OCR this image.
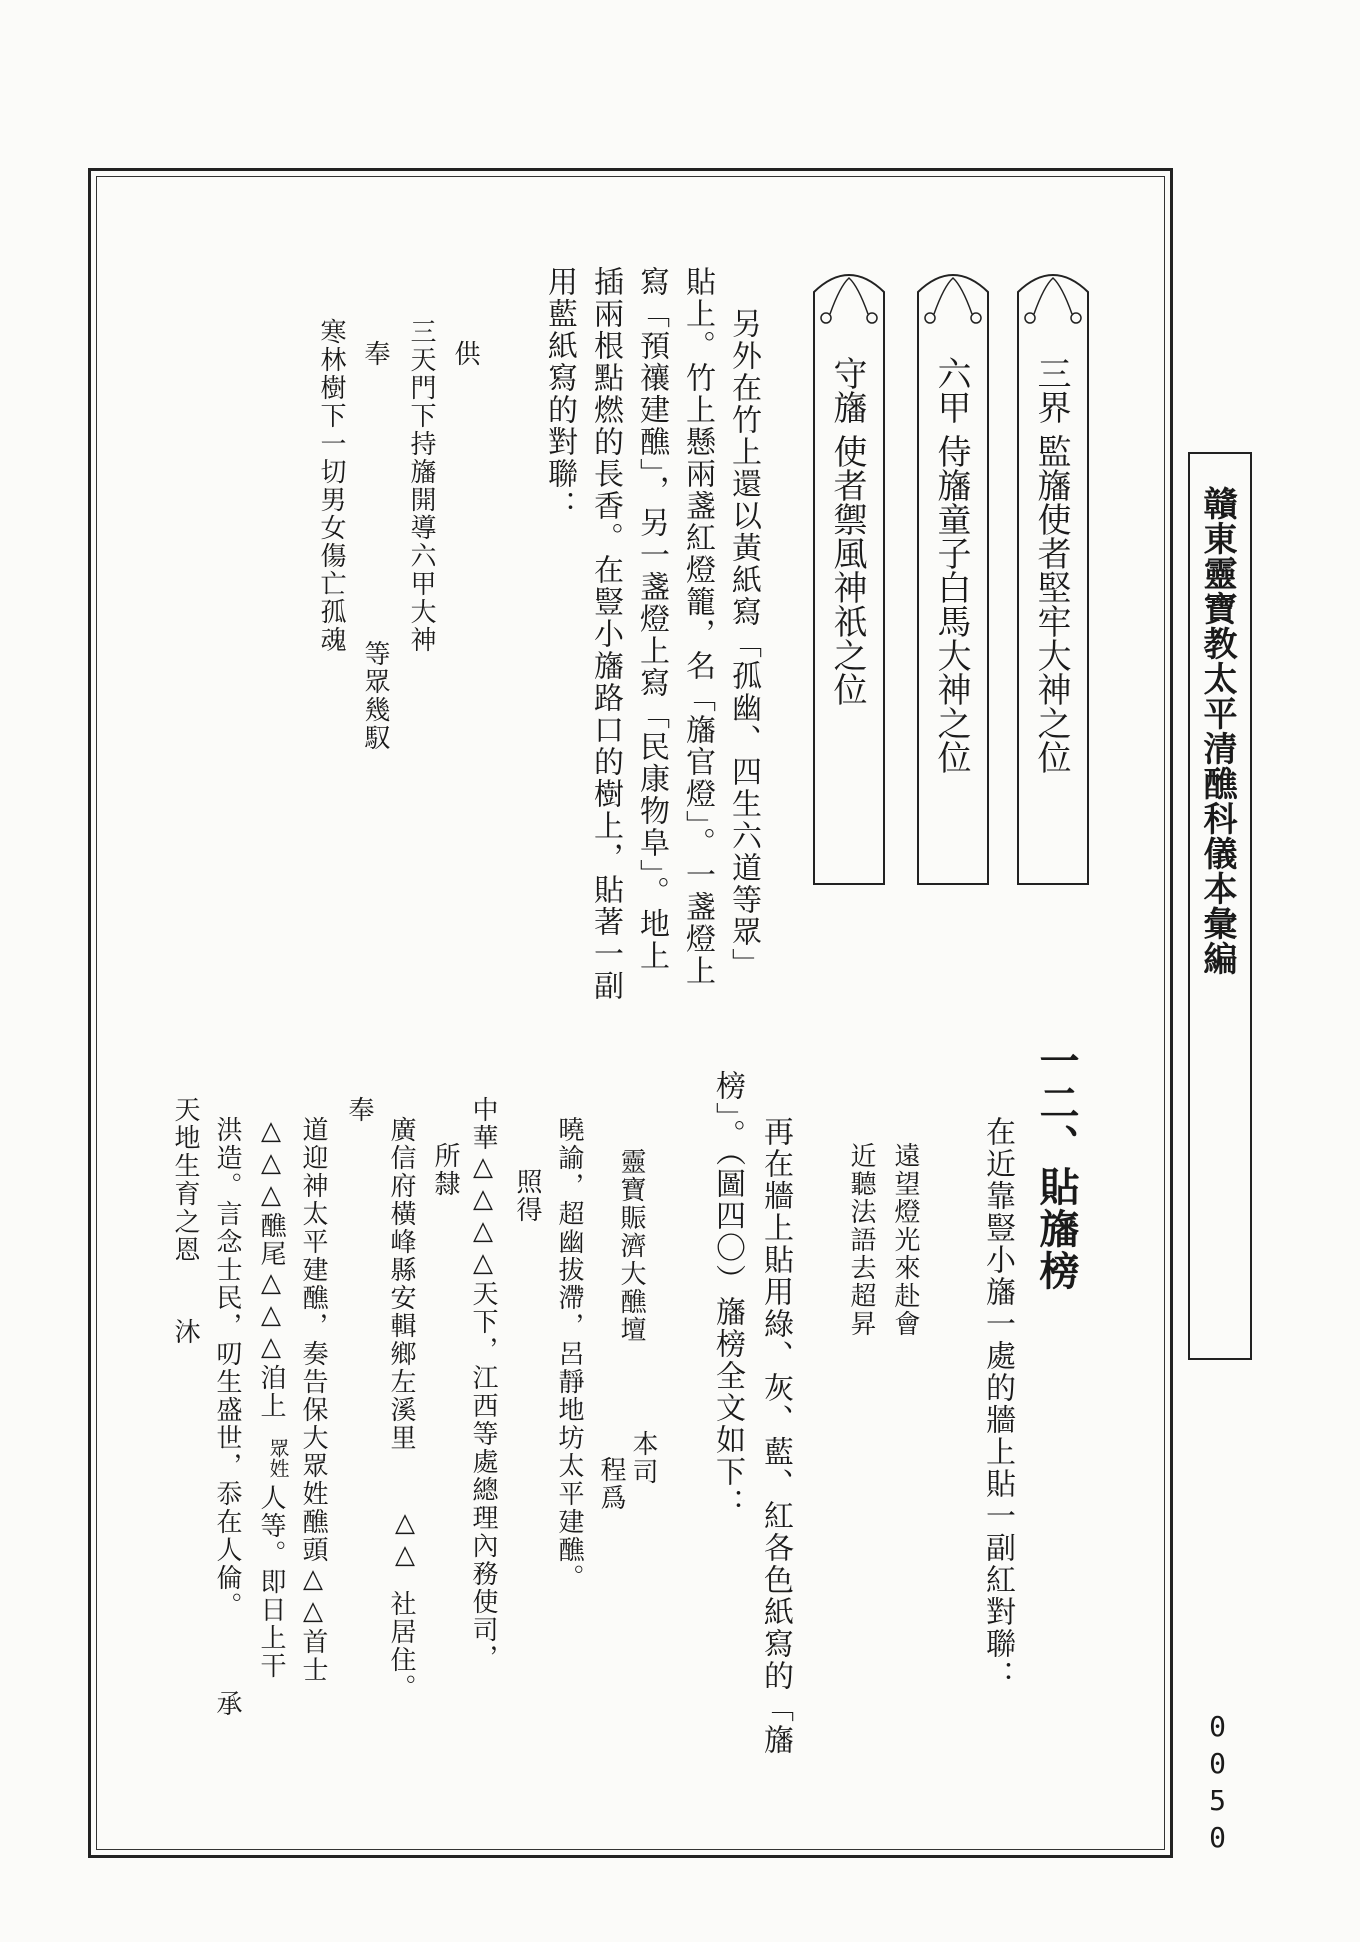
贛東靈寶教太平清醮科儀本彙編
0050
三界
監旛使者堅牢大神之位
六甲
侍旛童子白馬大神之位
守旛
使者禦風神祇之位
另外在竹上還以黃紙寫「孤幽、四生六道等眾」
貼上。竹上懸兩盞紅燈籠，名「旛官燈」。一盞燈上
寫「預禳建醮」，另一盞燈上寫「民康物阜」。地上
插兩根點燃的長香。在豎小旛路口的樹上，貼著一副
用藍紙寫的對聯：
供
三天門下持旛開導六甲大神
奉
等眾幾馭
寒林樹下一切男女傷亡孤魂
一二、貼旛榜
在近靠豎小旛一處的牆上貼一副紅對聯：
遠望燈光來赴會
近聽法語去超昇
再在牆上貼用綠、灰、藍、紅各色紙寫的「旛
榜」。（圖四〇）旛榜全文如下：
靈寶賑濟大醮壇
本司
程爲
曉諭，超幽拔滯，呂靜地坊太平建醮。
照得
中華△△△△天下，江西等處總理內務使司，
所隸
廣信府橫峰縣安輯鄉左溪里
△△
社居住。
奉
道迎神太平建醮，奏告保大眾姓醮頭△△首士
△△△醮尾△△△
洎上
眾姓
人等。即日上干
洪造。言念士民，叨生盛世，忝在人倫。
承
天地生育之恩
沐
